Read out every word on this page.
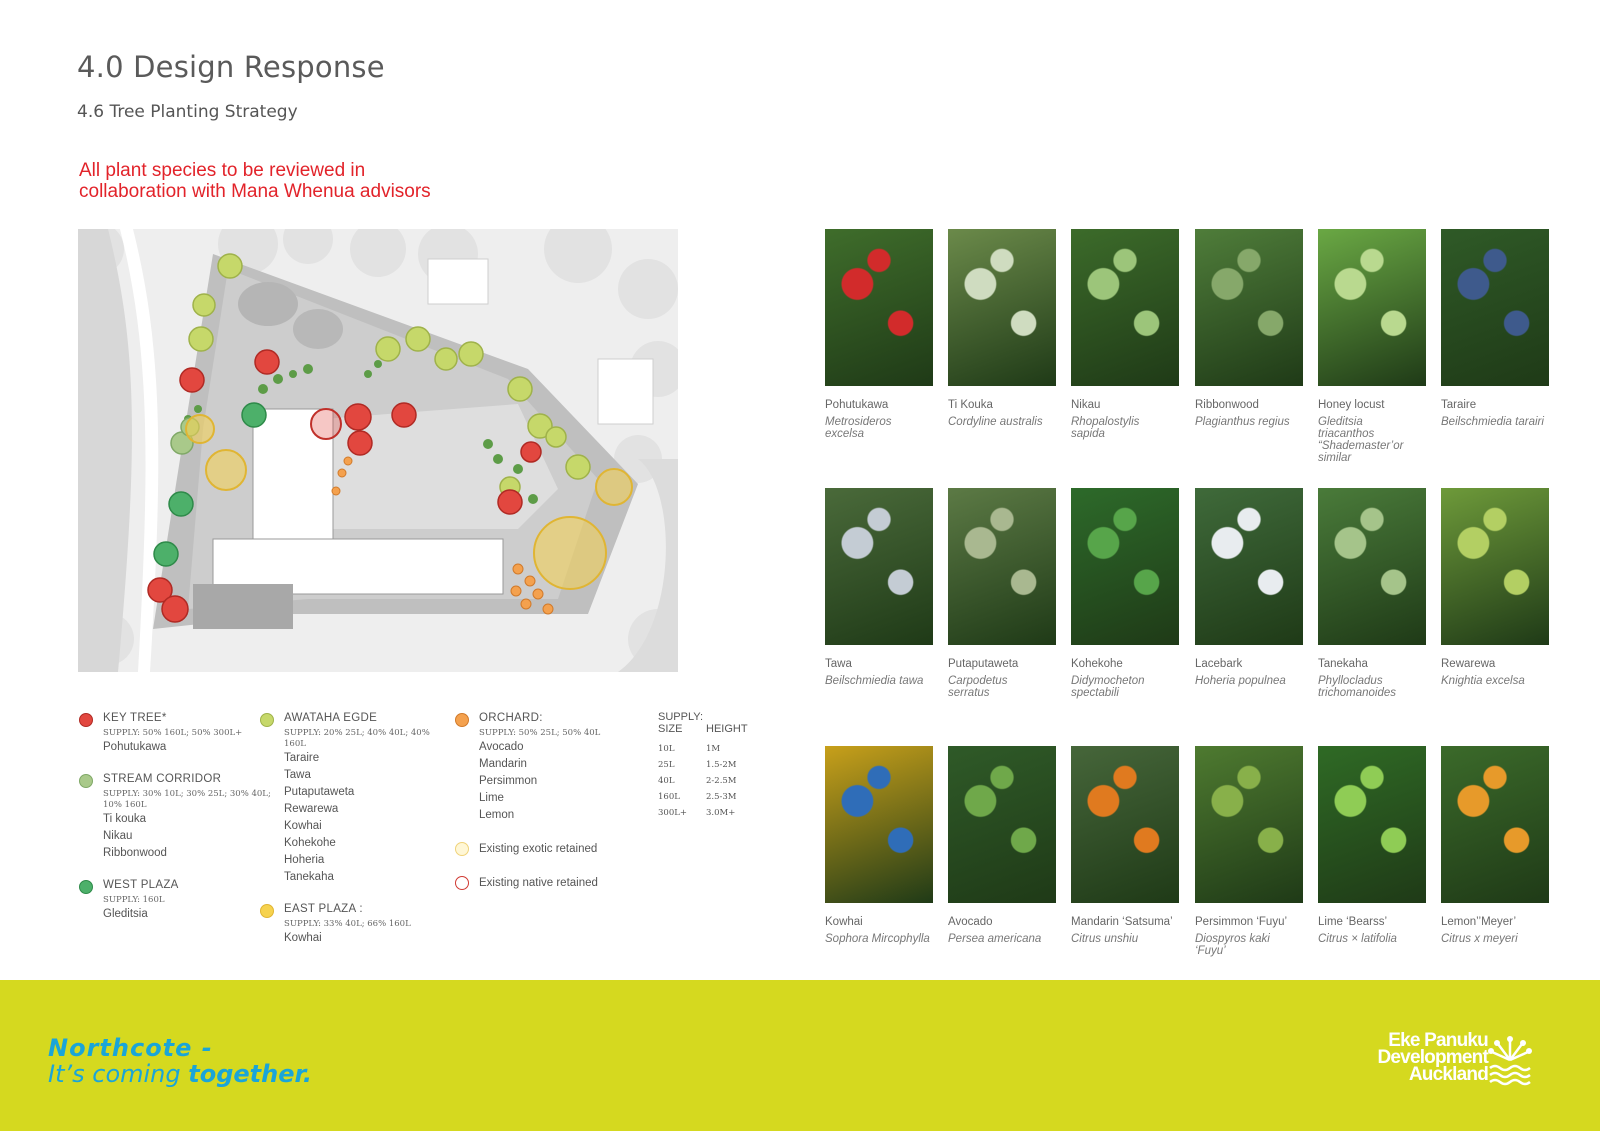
4.0 Design Response
4.6 Tree Planting Strategy
All plant species to be reviewed in
collaboration with Mana Whenua advisors
KEY TREE*
SUPPLY: 50% 160L; 50% 300L+
Pohutukawa
STREAM CORRIDOR
SUPPLY: 30% 10L; 30% 25L; 30% 40L;
10% 160L
Ti kouka
Nikau
Ribbonwood
WEST PLAZA
SUPPLY: 160L
Gleditsia
AWATAHA EGDE
SUPPLY: 20% 25L; 40% 40L; 40%
160L
Taraire
Tawa
Putaputaweta
Rewarewa
Kowhai
Kohekohe
Hoheria
Tanekaha
EAST PLAZA :
SUPPLY: 33% 40L; 66% 160L
Kowhai
ORCHARD:
SUPPLY: 50% 25L; 50% 40L
Avocado
Mandarin
Persimmon
Lime
Lemon
Existing exotic retained
Existing native retained
SUPPLY:
SIZE	HEIGHT
10L	1M
25L	1.5-2M
40L	2-2.5M
160L	2.5-3M
300L+	3.0M+
Pohutukawa
Metrosideros
excelsa
Ti Kouka
Cordyline australis
Nikau
Rhopalostylis
sapida
Ribbonwood
Plagianthus regius
Honey locust
Gleditsia
triacanthos
“Shademaster’or
similar
Taraire
Beilschmiedia tarairi
Tawa
Beilschmiedia tawa
Putaputaweta
Carpodetus
serratus
Kohekohe
Didymocheton
spectabili
Lacebark
Hoheria populnea
Tanekaha
Phyllocladus
trichomanoides
Rewarewa
Knightia excelsa
Kowhai
Sophora Mircophylla
Avocado
Persea americana
Mandarin ‘Satsuma’
Citrus unshiu
Persimmon ‘Fuyu’
Diospyros kaki
‘Fuyu’
Lime ‘Bearss’
Citrus × latifolia
Lemon’’Meyer’
Citrus x meyeri
Northcote -
It’s coming together.
Eke Panuku
Development
Auckland
